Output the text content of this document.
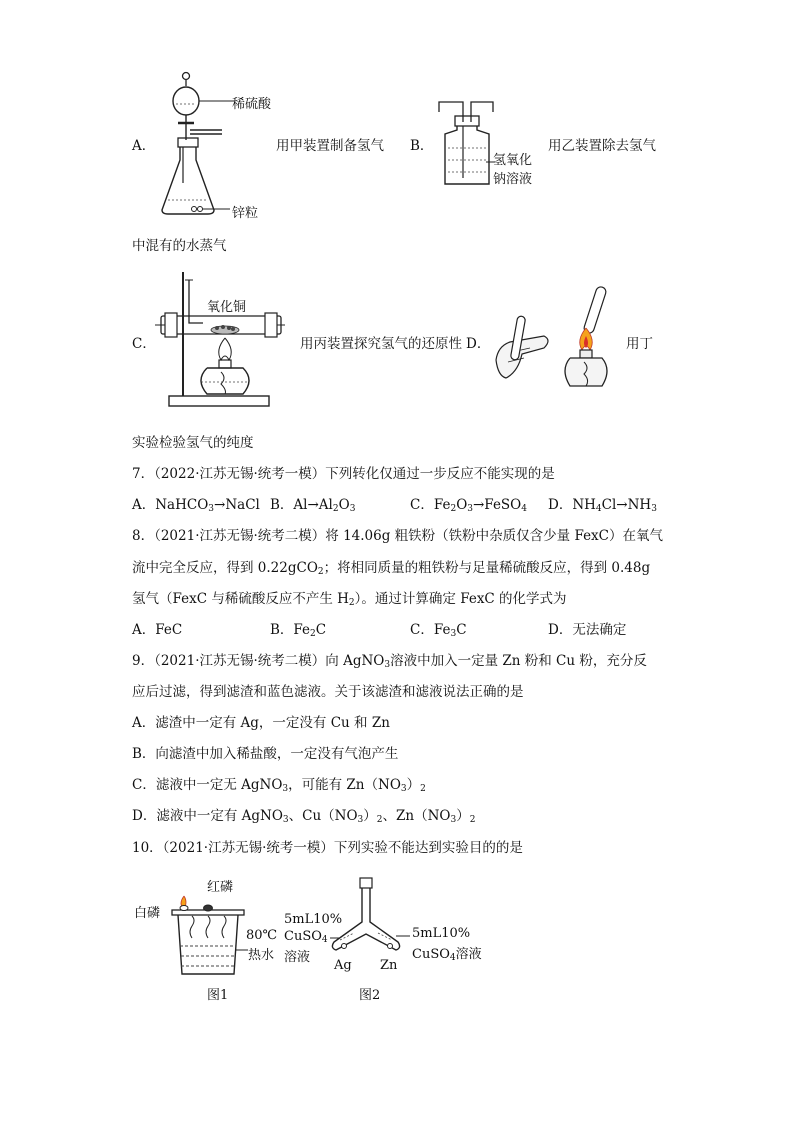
A．
稀硫酸
锌粒
用甲装置制备氢气 B．
氢氧化
钠溶液
用乙装置除去氢气
中混有的水蒸气
C．
氧化铜
用丙装置探究氢气的还原性 D．	用丁
实验检验氢气的纯度
7．（2022·江苏无锡·统考一模）下列转化仅通过一步反应不能实现的是
A．NaHCO$_3$→NaCl B．$Al\to Al_2O_3$	C．$Fe_2O_3\to FeSO_4$ D．$NH_4Cl\to NH_3$
8．（2021·江苏无锡·统考二模）将 14.06g 粗铁粉（铁粉中杂质仅含少量 FexC）在氧气
流中完全反应，得到 0.22gCO$_2$；将相同质量的粗铁粉与足量稀硫酸反应，得到 0.48g
氢气（FexC 与稀硫酸反应不产生 $H_2$）。通过计算确定 FexC 的化学式为
A．FeC	B．$Fe_2C$	C．$Fe_3C$	D．无法确定
9．（2021·江苏无锡·统考二模）向 AgNO$_3$溶液中加入一定量 Zn 粉和 Cu 粉，充分反
应后过滤，得到滤渣和蓝色滤液。关于该滤渣和滤液说法正确的是
A．滤渣中一定有 Ag，一定没有 Cu 和 Zn
B．向滤渣中加入稀盐酸，一定没有气泡产生
C．滤液中一定无 AgNO$_3$，可能有 $Zn(NO_3)_2$
D．滤液中一定有 AgNO$_3$、$Cu(NO_3)_2$、$Zn(NO_3)_2$
10．（2021·江苏无锡·统考一模）下列实验不能达到实验目的的是
红磷
白磷
80℃
热水
图1
5mL10%
CuSO$_4$
溶液
5mL10%
CuSO$_4$溶液
Ag Zn
图2
